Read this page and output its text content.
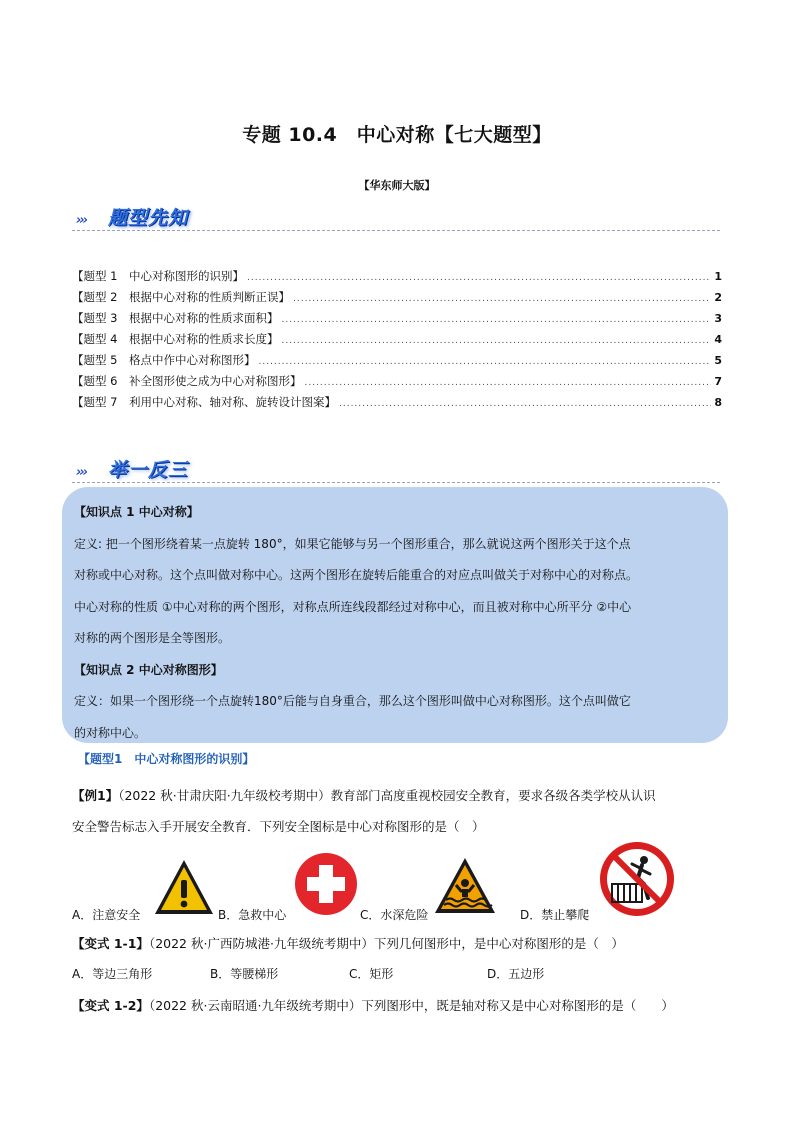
专题 10.4　中心对称【七大题型】
【华东师大版】
››› 题型先知
【题型 1　中心对称图形的识别】 .....	1
【题型 2　根据中心对称的性质判断正误】 .....	2
【题型 3　根据中心对称的性质求面积】 .....	3
【题型 4　根据中心对称的性质求长度】 .....	4
【题型 5　格点中作中心对称图形】 .....	5
【题型 6　补全图形使之成为中心对称图形】 .....	7
【题型 7　利用中心对称、轴对称、旋转设计图案】 .....	8
››› 举一反三
【知识点 1 中心对称】
定义: 把一个图形绕着某一点旋转 180°，如果它能够与另一个图形重合，那么就说这两个图形关于这个点
对称或中心对称。这个点叫做对称中心。这两个图形在旋转后能重合的对应点叫做关于对称中心的对称点。
中心对称的性质 ①中心对称的两个图形，对称点所连线段都经过对称中心，而且被对称中心所平分 ②中心
对称的两个图形是全等图形。
【知识点 2 中心对称图形】
定义：如果一个图形绕一个点旋转180°后能与自身重合，那么这个图形叫做中心对称图形。这个点叫做它
的对称中心。
【题型1　中心对称图形的识别】
【例1】（2022 秋·甘肃庆阳·九年级校考期中）教育部门高度重视校园安全教育，要求各级各类学校从认识
安全警告标志入手开展安全教育．下列安全图标是中心对称图形的是（　）
A．注意安全	B．急救中心	C．水深危险	D．禁止攀爬
【变式 1-1】（2022 秋·广西防城港·九年级统考期中）下列几何图形中，是中心对称图形的是（　）
A．等边三角形	B．等腰梯形	C．矩形	D．五边形
【变式 1-2】（2022 秋·云南昭通·九年级统考期中）下列图形中，既是轴对称又是中心对称图形的是（　　）
